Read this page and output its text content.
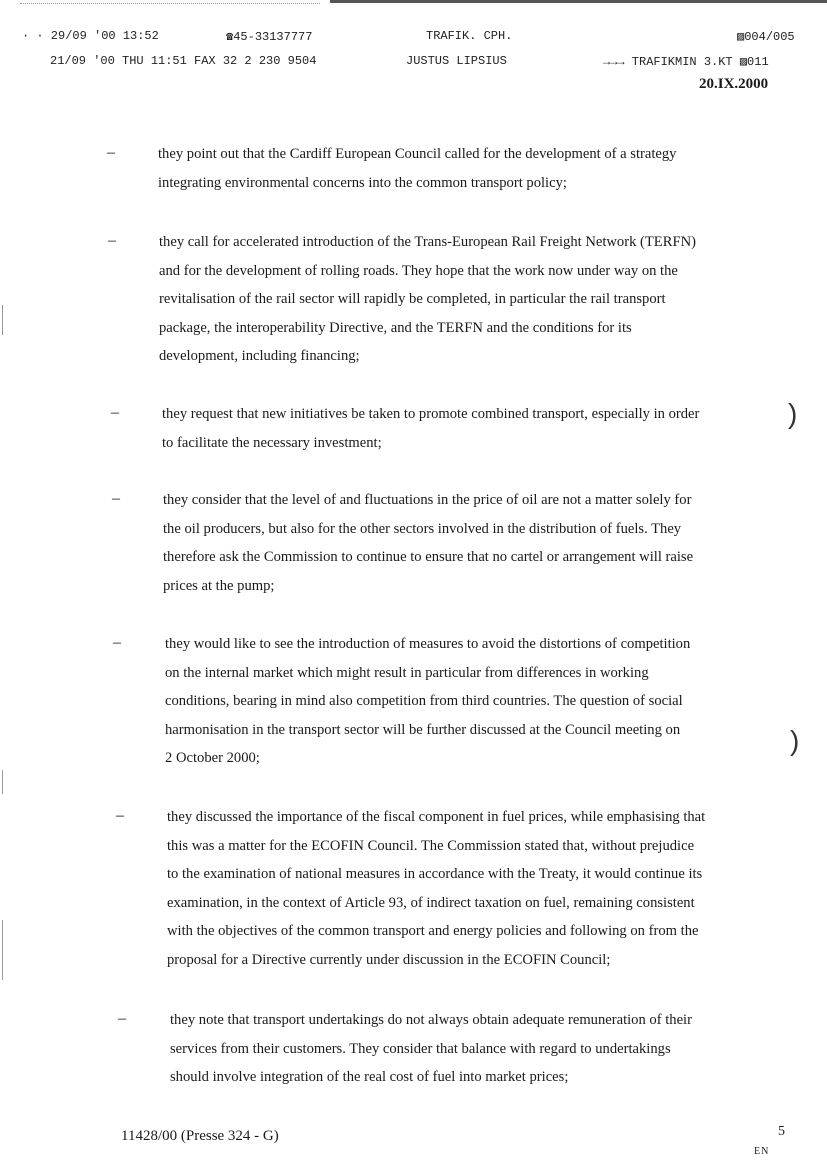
· · 29/09 '00 13:52	☎45-33137777	TRAFIK. CPH.	▨004/005
21/09 '00 THU 11:51 FAX 32 2 230 9504	JUSTUS LIPSIUS	→→→ TRAFIKMIN 3.KT ▨011
20.IX.2000
–	they point out that the Cardiff European Council called for the development of a strategy
integrating environmental concerns into the common transport policy;
–	they call for accelerated introduction of the Trans-European Rail Freight Network (TERFN)
and for the development of rolling roads. They hope that the work now under way on the
revitalisation of the rail sector will rapidly be completed, in particular the rail transport
package, the interoperability Directive, and the TERFN and the conditions for its
development, including financing;
–	they request that new initiatives be taken to promote combined transport, especially in order
to facilitate the necessary investment;
–	they consider that the level of and fluctuations in the price of oil are not a matter solely for
the oil producers, but also for the other sectors involved in the distribution of fuels. They
therefore ask the Commission to continue to ensure that no cartel or arrangement will raise
prices at the pump;
–	they would like to see the introduction of measures to avoid the distortions of competition
on the internal market which might result in particular from differences in working
conditions, bearing in mind also competition from third countries. The question of social
harmonisation in the transport sector will be further discussed at the Council meeting on
2 October 2000;
–	they discussed the importance of the fiscal component in fuel prices, while emphasising that
this was a matter for the ECOFIN Council. The Commission stated that, without prejudice
to the examination of national measures in accordance with the Treaty, it would continue its
examination, in the context of Article 93, of indirect taxation on fuel, remaining consistent
with the objectives of the common transport and energy policies and following on from the
proposal for a Directive currently under discussion in the ECOFIN Council;
–	they note that transport undertakings do not always obtain adequate remuneration of their
services from their customers. They consider that balance with regard to undertakings
should involve integration of the real cost of fuel into market prices;
)
)
11428/00 (Presse 324 - G)	5
EN
